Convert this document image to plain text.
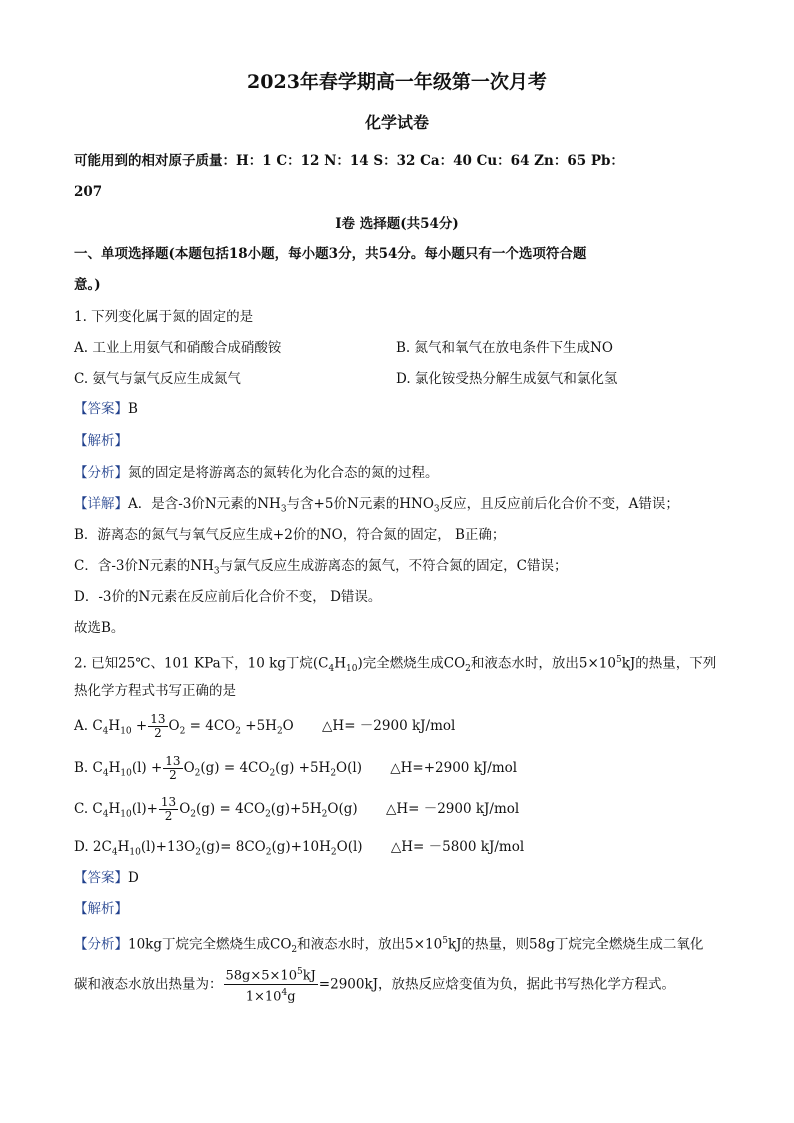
2023年春学期高一年级第一次月考
化学试卷
可能用到的相对原子质量：H：1 C：12 N：14 S：32 Ca：40 Cu：64 Zn：65 Pb：
207
Ⅰ卷 选择题(共54分)
一、单项选择题(本题包括18小题，每小题3分，共54分。每小题只有一个选项符合题
意。)
1. 下列变化属于氮的固定的是
A. 工业上用氨气和硝酸合成硝酸铵	B. 氮气和氧气在放电条件下生成NO
C. 氨气与氯气反应生成氮气	D. 氯化铵受热分解生成氨气和氯化氢
【答案】B
【解析】
【分析】氮的固定是将游离态的氮转化为化合态的氮的过程。
【详解】A．是含-3价N元素的$NH_3$与含+5价N元素的$HNO_3$反应，且反应前后化合价不变，A错误；
B．游离态的氮气与氧气反应生成+2价的NO，符合氮的固定， B正确；
C．含-3价N元素的$NH_3$与氯气反应生成游离态的氮气，不符合氮的固定，C错误；
D．-3价的N元素在反应前后化合价不变， D错误。
故选B。
2. 已知25℃、101 KPa下，10 kg丁烷$(C_4H_{10})$完全燃烧生成$CO_2$和液态水时，放出$5\times 10^5kJ$的热量，下列
热化学方程式书写正确的是
A. $C_4H_{10} + \frac{13}{2} O_2 = 4CO_2 +5H_2O$ △H= －2900 kJ/mol
B. $C_4H_{10}(l) + \frac{13}{2} O_2(g) = 4CO_2(g) +5H_2O(l)$ △H=+2900 kJ/mol
C. $C_4H_{10}(l)+ \frac{13}{2} O_2(g) = 4CO_2(g)+5H_2O(g)$ △H= －2900 kJ/mol
D. $2C_4H_{10}(l)+13O_2(g)= 8CO_2(g)+10H_2O(l)$ △H= －5800 kJ/mol
【答案】D
【解析】
【分析】10kg丁烷完全燃烧生成$CO_2$和液态水时，放出$5\times 10^5kJ$的热量，则58g丁烷完全燃烧生成二氧化
碳和液态水放出热量为： $\frac{58g\times 5\times 10^5kJ}{1\times 10^4g} =2900kJ$，放热反应焓变值为负，据此书写热化学方程式。
